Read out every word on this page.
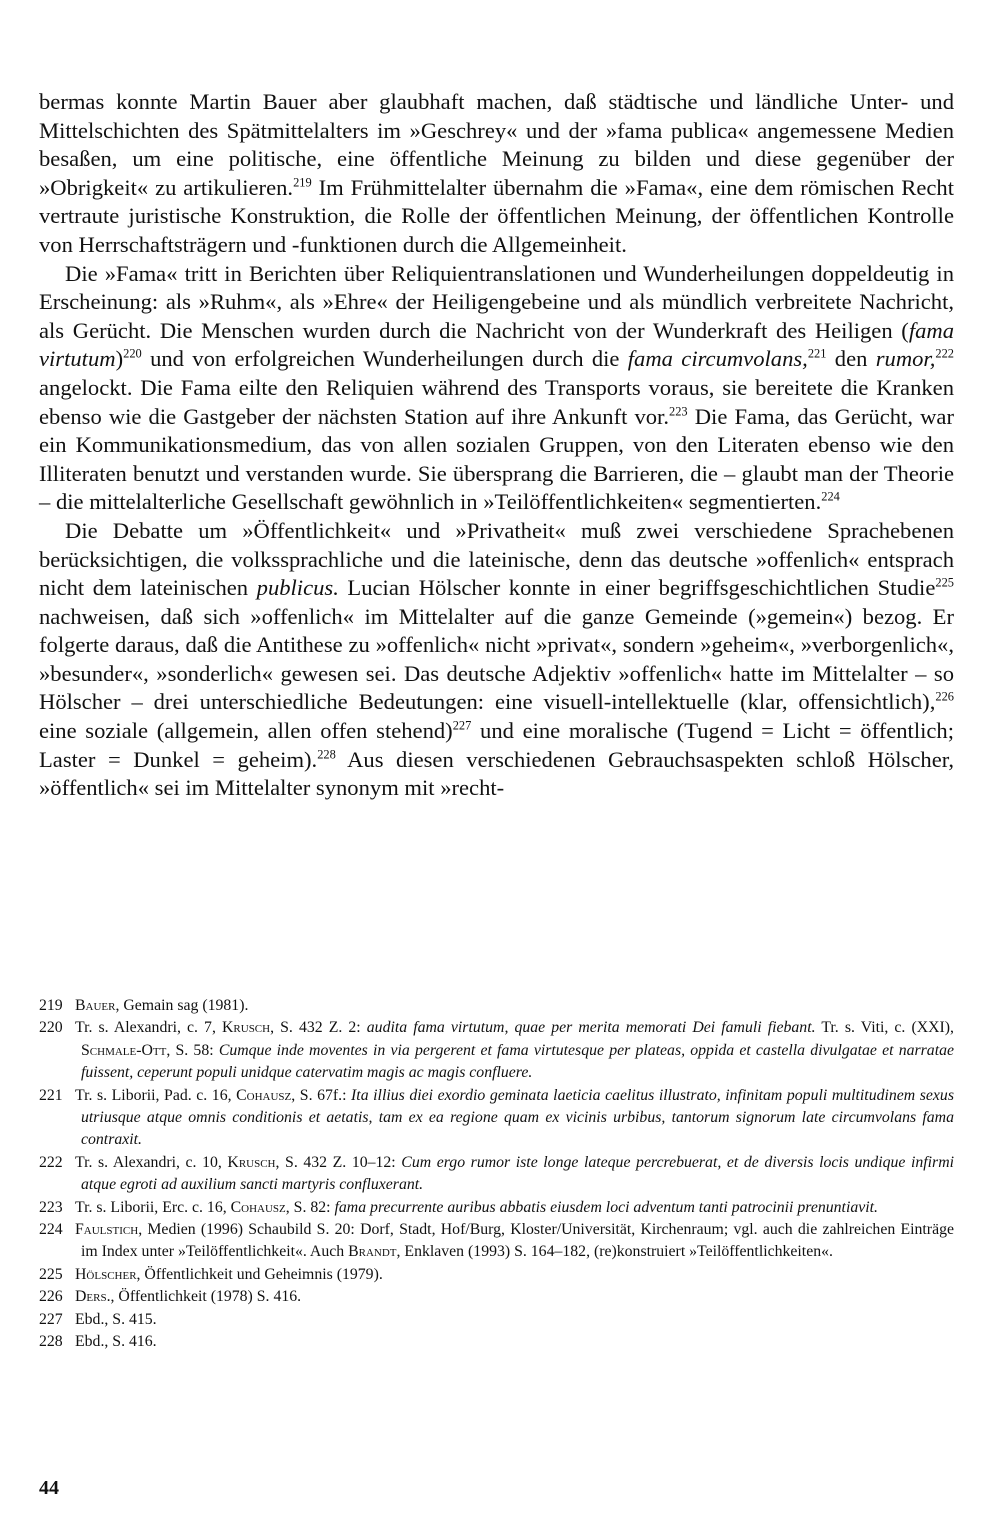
bermas konnte Martin Bauer aber glaubhaft machen, daß städtische und ländliche Unter- und Mittelschichten des Spätmittelalters im »Geschrey« und der »fama publica« angemessene Medien besaßen, um eine politische, eine öffentliche Meinung zu bilden und diese gegenüber der »Obrigkeit« zu artikulieren.$^{219}$ Im Frühmittelalter übernahm die »Fama«, eine dem römischen Recht vertraute juristische Konstruktion, die Rolle der öffentlichen Meinung, der öffentlichen Kontrolle von Herrschaftsträgern und -funktionen durch die Allgemeinheit.

Die »Fama« tritt in Berichten über Reliquientranslationen und Wunderheilungen doppeldeutig in Erscheinung: als »Ruhm«, als »Ehre« der Heiligengebeine und als mündlich verbreitete Nachricht, als Gerücht. Die Menschen wurden durch die Nachricht von der Wunderkraft des Heiligen (fama virtutum)$^{220}$ und von erfolgreichen Wunderheilungen durch die fama circumvolans,$^{221}$ den rumor,$^{222}$ angelockt. Die Fama eilte den Reliquien während des Transports voraus, sie bereitete die Kranken ebenso wie die Gastgeber der nächsten Station auf ihre Ankunft vor.$^{223}$ Die Fama, das Gerücht, war ein Kommunikationsmedium, das von allen sozialen Gruppen, von den Literaten ebenso wie den Illiteraten benutzt und verstanden wurde. Sie übersprang die Barrieren, die – glaubt man der Theorie – die mittelalterliche Gesellschaft gewöhnlich in »Teilöffentlichkeiten« segmentierten.$^{224}$

Die Debatte um »Öffentlichkeit« und »Privatheit« muß zwei verschiedene Sprachebenen berücksichtigen, die volkssprachliche und die lateinische, denn das deutsche »offenlich« entsprach nicht dem lateinischen publicus. Lucian Hölscher konnte in einer begriffsgeschichtlichen Studie$^{225}$ nachweisen, daß sich »offenlich« im Mittelalter auf die ganze Gemeinde (»gemein«) bezog. Er folgerte daraus, daß die Antithese zu »offenlich« nicht »privat«, sondern »geheim«, »verborgenlich«, »besunder«, »sonderlich« gewesen sei. Das deutsche Adjektiv »offenlich« hatte im Mittelalter – so Hölscher – drei unterschiedliche Bedeutungen: eine visuell-intellektuelle (klar, offensichtlich),$^{226}$ eine soziale (allgemein, allen offen stehend)$^{227}$ und eine moralische (Tugend = Licht = öffentlich; Laster = Dunkel = geheim).$^{228}$ Aus diesen verschiedenen Gebrauchsaspekten schloß Hölscher, »öffentlich« sei im Mittelalter synonym mit »recht-

219 Bauer, Gemain sag (1981).

220 Tr. s. Alexandri, c. 7, Krusch, S. 432 Z. 2: audita fama virtutum, quae per merita memorati Dei famuli fiebant. Tr. s. Viti, c. (XXI), Schmale-Ott, S. 58: Cumque inde moventes in via pergerent et fama virtutesque per plateas, oppida et castella divulgatae et narratae fuissent, ceperunt populi unidque catervatim magis ac magis confluere.

221 Tr. s. Liborii, Pad. c. 16, Cohausz, S. 67f.: Ita illius diei exordio geminata laeticia caelitus illustrato, infinitam populi multitudinem sexus utriusque atque omnis conditionis et aetatis, tam ex ea regione quam ex vicinis urbibus, tantorum signorum late circumvolans fama contraxit.

222 Tr. s. Alexandri, c. 10, Krusch, S. 432 Z. 10–12: Cum ergo rumor iste longe lateque percrebuerat, et de diversis locis undique infirmi atque egroti ad auxilium sancti martyris confluxerant.

223 Tr. s. Liborii, Erc. c. 16, Cohausz, S. 82: fama precurrente auribus abbatis eiusdem loci adventum tanti patrocinii prenuntiavit.

224 Faulstich, Medien (1996) Schaubild S. 20: Dorf, Stadt, Hof/Burg, Kloster/Universität, Kirchenraum; vgl. auch die zahlreichen Einträge im Index unter »Teilöffentlichkeit«. Auch Brandt, Enklaven (1993) S. 164–182, (re)konstruiert »Teilöffentlichkeiten«.

225 Hölscher, Öffentlichkeit und Geheimnis (1979).

226 Ders., Öffentlichkeit (1978) S. 416.

227 Ebd., S. 415.

228 Ebd., S. 416.

44
